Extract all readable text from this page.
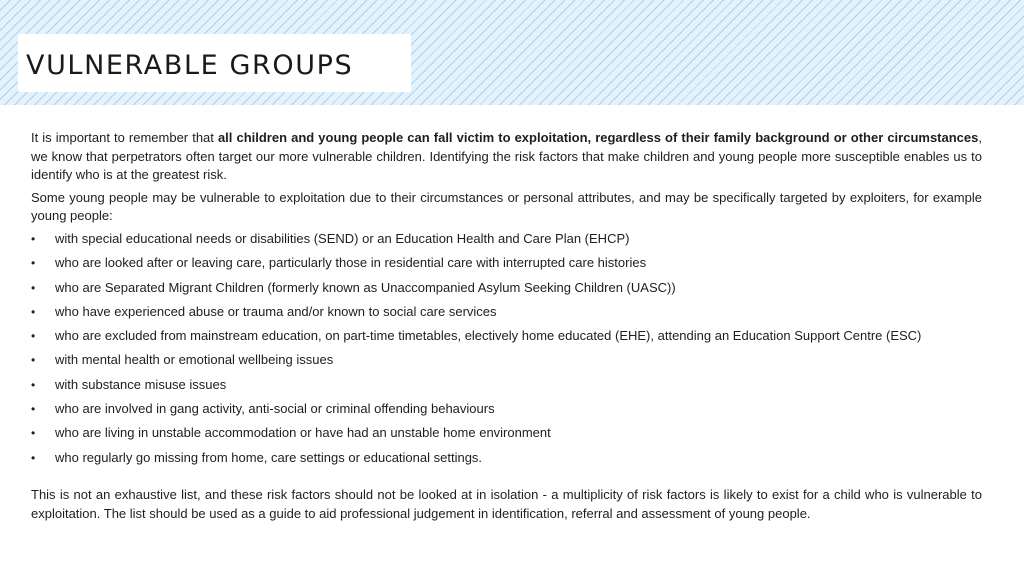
VULNERABLE GROUPS

It is important to remember that all children and young people can fall victim to exploitation, regardless of their family background or other circumstances, we know that perpetrators often target our more vulnerable children. Identifying the risk factors that make children and young people more susceptible enables us to identify who is at the greatest risk.

Some young people may be vulnerable to exploitation due to their circumstances or personal attributes, and may be specifically targeted by exploiters, for example young people:

• with special educational needs or disabilities (SEND) or an Education Health and Care Plan (EHCP)
• who are looked after or leaving care, particularly those in residential care with interrupted care histories
• who are Separated Migrant Children (formerly known as Unaccompanied Asylum Seeking Children (UASC))
• who have experienced abuse or trauma and/or known to social care services
• who are excluded from mainstream education, on part-time timetables, electively home educated (EHE), attending an Education Support Centre (ESC)
• with mental health or emotional wellbeing issues
• with substance misuse issues
• who are involved in gang activity, anti-social or criminal offending behaviours
• who are living in unstable accommodation or have had an unstable home environment
• who regularly go missing from home, care settings or educational settings.

This is not an exhaustive list, and these risk factors should not be looked at in isolation - a multiplicity of risk factors is likely to exist for a child who is vulnerable to exploitation. The list should be used as a guide to aid professional judgement in identification, referral and assessment of young people.
